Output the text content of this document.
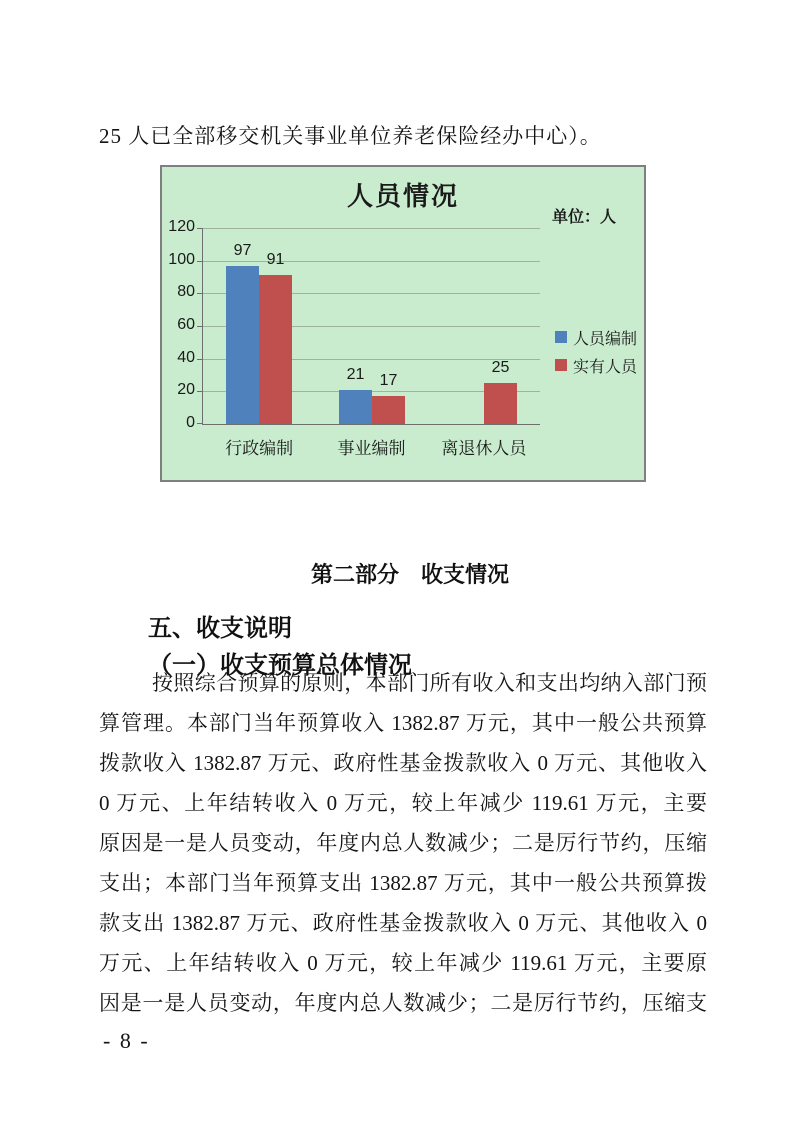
25 人已全部移交机关事业单位养老保险经办中心）。

人员情况
单位：人
0
20
40
60
80
100
120
97
91
行政编制
21 17
事业编制
25
离退休人员
人员编制
实有人员
第二部分　收支情况
五、收支说明
（一）收支预算总体情况
按照综合预算的原则，本部门所有收入和支出均纳入部门预
算管理。本部门当年预算收入 1382.87 万元，其中一般公共预算
拨款收入 1382.87 万元、政府性基金拨款收入 0 万元、其他收入
0 万元、上年结转收入 0 万元，较上年减少 119.61 万元，主要
原因是一是人员变动，年度内总人数减少；二是厉行节约，压缩
支出；本部门当年预算支出 1382.87 万元，其中一般公共预算拨
款支出 1382.87 万元、政府性基金拨款收入 0 万元、其他收入 0
万元、上年结转收入 0 万元，较上年减少 119.61 万元，主要原
因是一是人员变动，年度内总人数减少；二是厉行节约，压缩支
- 8 -
